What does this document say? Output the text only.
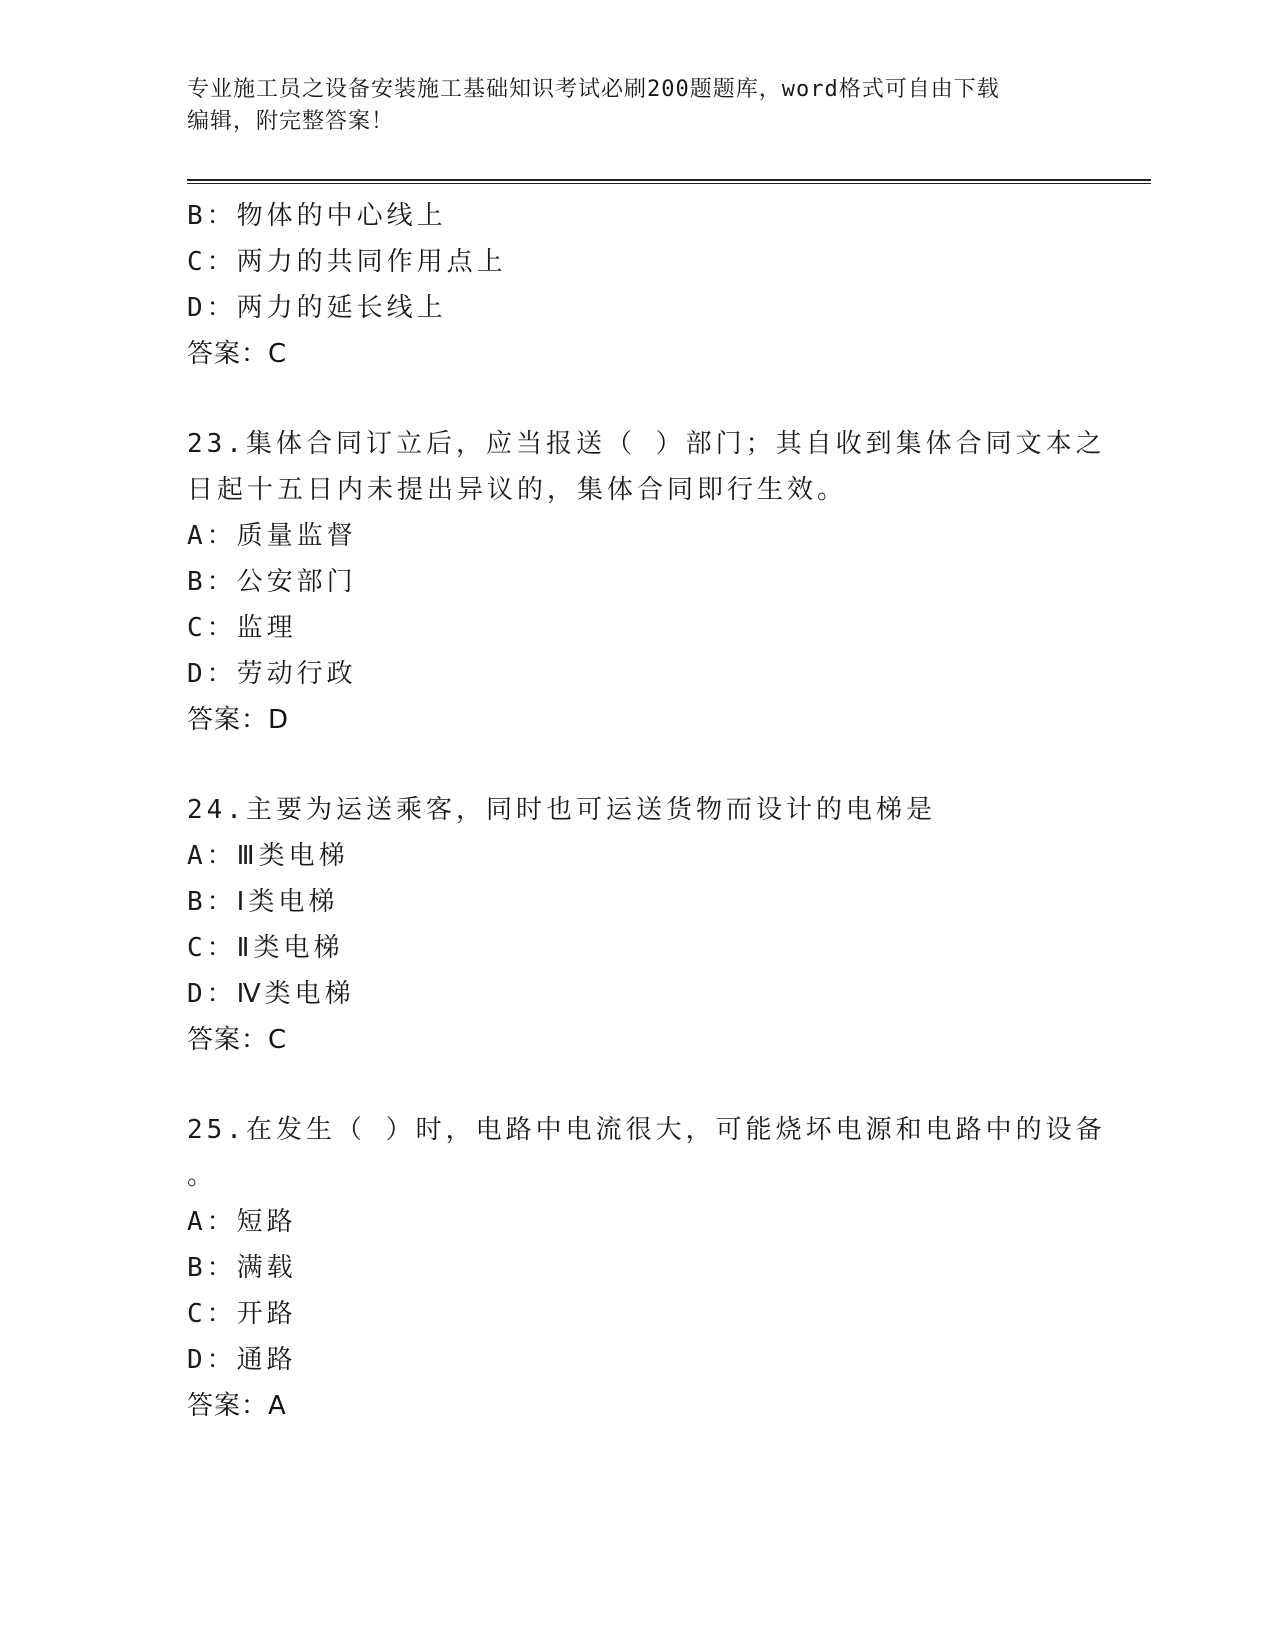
专业施工员之设备安装施工基础知识考试必刷200题题库，word格式可自由下载
编辑，附完整答案！
B：物体的中心线上
C：两力的共同作用点上
D：两力的延长线上
答案：C
23.集体合同订立后，应当报送（ ）部门；其自收到集体合同文本之
日起十五日内未提出异议的，集体合同即行生效。
A：质量监督
B：公安部门
C：监理
D：劳动行政
答案：D
24.主要为运送乘客，同时也可运送货物而设计的电梯是
A：Ⅲ类电梯
B：Ⅰ类电梯
C：Ⅱ类电梯
D：Ⅳ类电梯
答案：C
25.在发生（ ）时，电路中电流很大，可能烧坏电源和电路中的设备
。
A：短路
B：满载
C：开路
D：通路
答案：A
